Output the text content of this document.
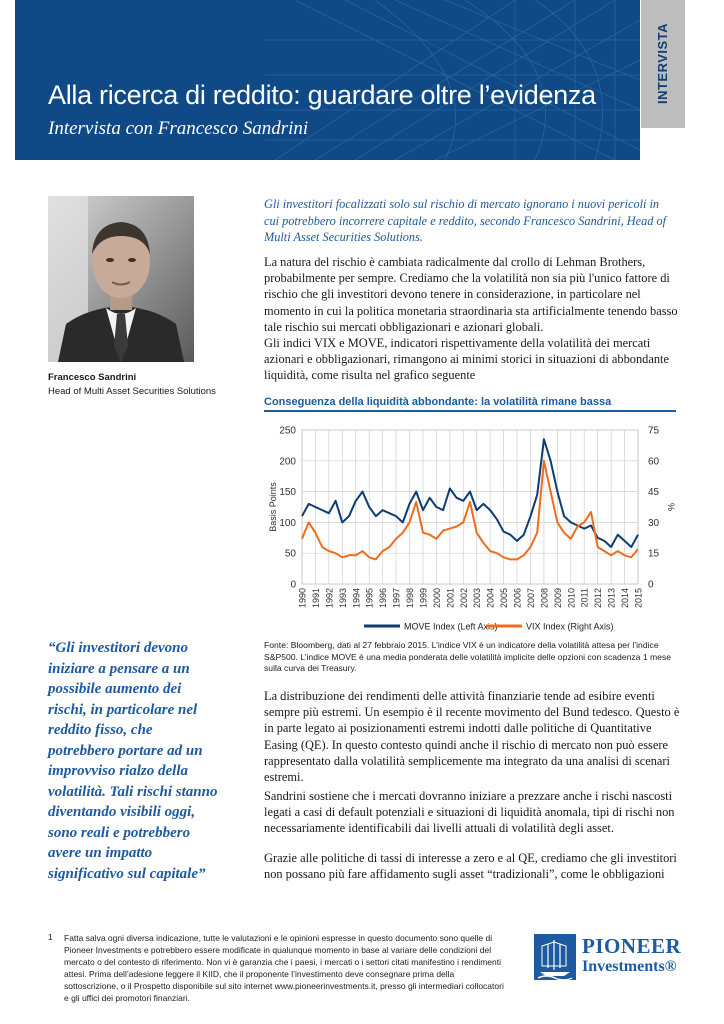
Alla ricerca di reddito: guardare oltre l’evidenza
Intervista con Francesco Sandrini
INTERVISTA
Francesco Sandrini
Head of Multi Asset Securities Solutions
Gli investitori focalizzati solo sul rischio di mercato ignorano i nuovi pericoli in cui potrebbero incorrere capitale e reddito, secondo Francesco Sandrini, Head of Multi Asset Securities Solutions.

La natura del rischio è cambiata radicalmente dal crollo di Lehman Brothers, probabilmente per sempre. Crediamo che la volatilità non sia più l'unico fattore di rischio che gli investitori devono tenere in considerazione, in particolare nel momento in cui la politica monetaria straordinaria sta artificialmente tenendo basso tale rischio sui mercati obbligazionari e azionari globali.

Gli indici VIX e MOVE, indicatori rispettivamente della volatilità dei mercati azionari e obbligazionari, rimangono ai minimi storici in situazioni di abbondante liquidità, come risulta nel grafico seguente

Conseguenza della liquidità abbondante: la volatilità rimane bassa
0
50
100
150
200
250
0
15
30
45
60
75
1990 1991 1992 1993 1994 1995 1996 1997 1998 1999 2000 2001 2002 2003 2004 2005 2006 2007 2008 2009 2010 2011 2012 2013 2014 2015
Basis Points	%
MOVE Index (Left Axis)	VIX Index (Right Axis)
Fonte: Bloomberg, dati al 27 febbraio 2015. L’indice VIX è un indicatore della volatilità attesa per l’indice S&P500. L’indice MOVE è una media ponderata delle volatilità implicite delle opzioni con scadenza 1 mese sulla curva dei Treasury.

La distribuzione dei rendimenti delle attività finanziarie tende ad esibire eventi sempre più estremi. Un esempio è il recente movimento del Bund tedesco. Questo è in parte legato ai posizionamenti estremi indotti dalle politiche di Quantitative Easing (QE). In questo contesto quindi anche il rischio di mercato non può essere rappresentato dalla volatilità semplicemente ma integrato da una analisi di scenari estremi.

Sandrini sostiene che i mercati dovranno iniziare a prezzare anche i rischi nascosti legati a casi di default potenziali e situazioni di liquidità anomala, tipi di rischi non necessariamente identificabili dai livelli attuali di volatilità degli asset.

Grazie alle politiche di tassi di interesse a zero e al QE, crediamo che gli investitori non possano più fare affidamento sugli asset “tradizionali”, come le obbligazioni

“Gli investitori devono iniziare a pensare a un possibile aumento dei rischi, in particolare nel reddito fisso, che potrebbero portare ad un improvviso rialzo della volatilità. Tali rischi stanno diventando visibili oggi, sono reali e potrebbero avere un impatto significativo sul capitale”
1 Fatta salva ogni diversa indicazione, tutte le valutazioni e le opinioni espresse in questo documento sono quelle di Pioneer Investments e potrebbero essere modificate in qualunque momento in base al variare delle condizioni del mercato o del contesto di riferimento. Non vi è garanzia che i paesi, i mercati o i settori citati manifestino i rendimenti attesi. Prima dell’adesione leggere il KIID, che il proponente l’investimento deve consegnare prima della sottoscrizione, o il Prospetto disponibile sul sito internet www.pioneerinvestments.it, presso gli intermediari collocatori e gli uffici dei promotori finanziari.
PIONEER
Investments®
